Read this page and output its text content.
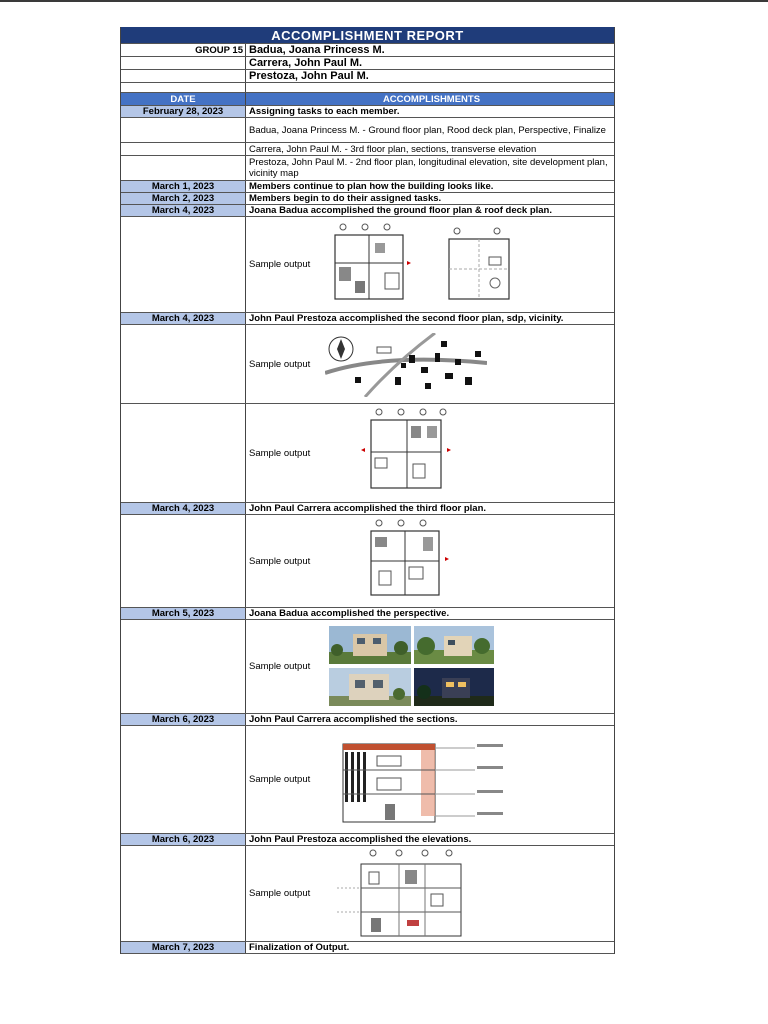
ACCOMPLISHMENT REPORT
GROUP 15 Badua, Joana Princess M.
Carrera, John Paul M.
Prestoza, John Paul M.
DATE	ACCOMPLISHMENTS
February 28, 2023	Assigning tasks to each member.
Badua, Joana Princess M. - Ground floor plan, Rood deck plan, Perspective, Finalize
Carrera, John Paul M. - 3rd floor plan, sections, transverse elevation
Prestoza, John Paul M. - 2nd floor plan, longitudinal elevation, site development plan, vicinity map
March 1, 2023	Members continue to plan how the building looks like.
March 2, 2023	Members begin to do their assigned tasks.
March 4, 2023	Joana Badua accomplished the ground floor plan & roof deck plan.
Sample output
March 4, 2023	John Paul Prestoza accomplished the second floor plan, sdp, vicinity.
Sample output
Sample output
March 4, 2023	John Paul Carrera accomplished the third floor plan.
Sample output
March 5, 2023	Joana Badua accomplished the perspective.
Sample output
March 6, 2023	John Paul Carrera accomplished the sections.
Sample output
March 6, 2023	John Paul Prestoza accomplished the elevations.
Sample output
March 7, 2023	Finalization of Output.
